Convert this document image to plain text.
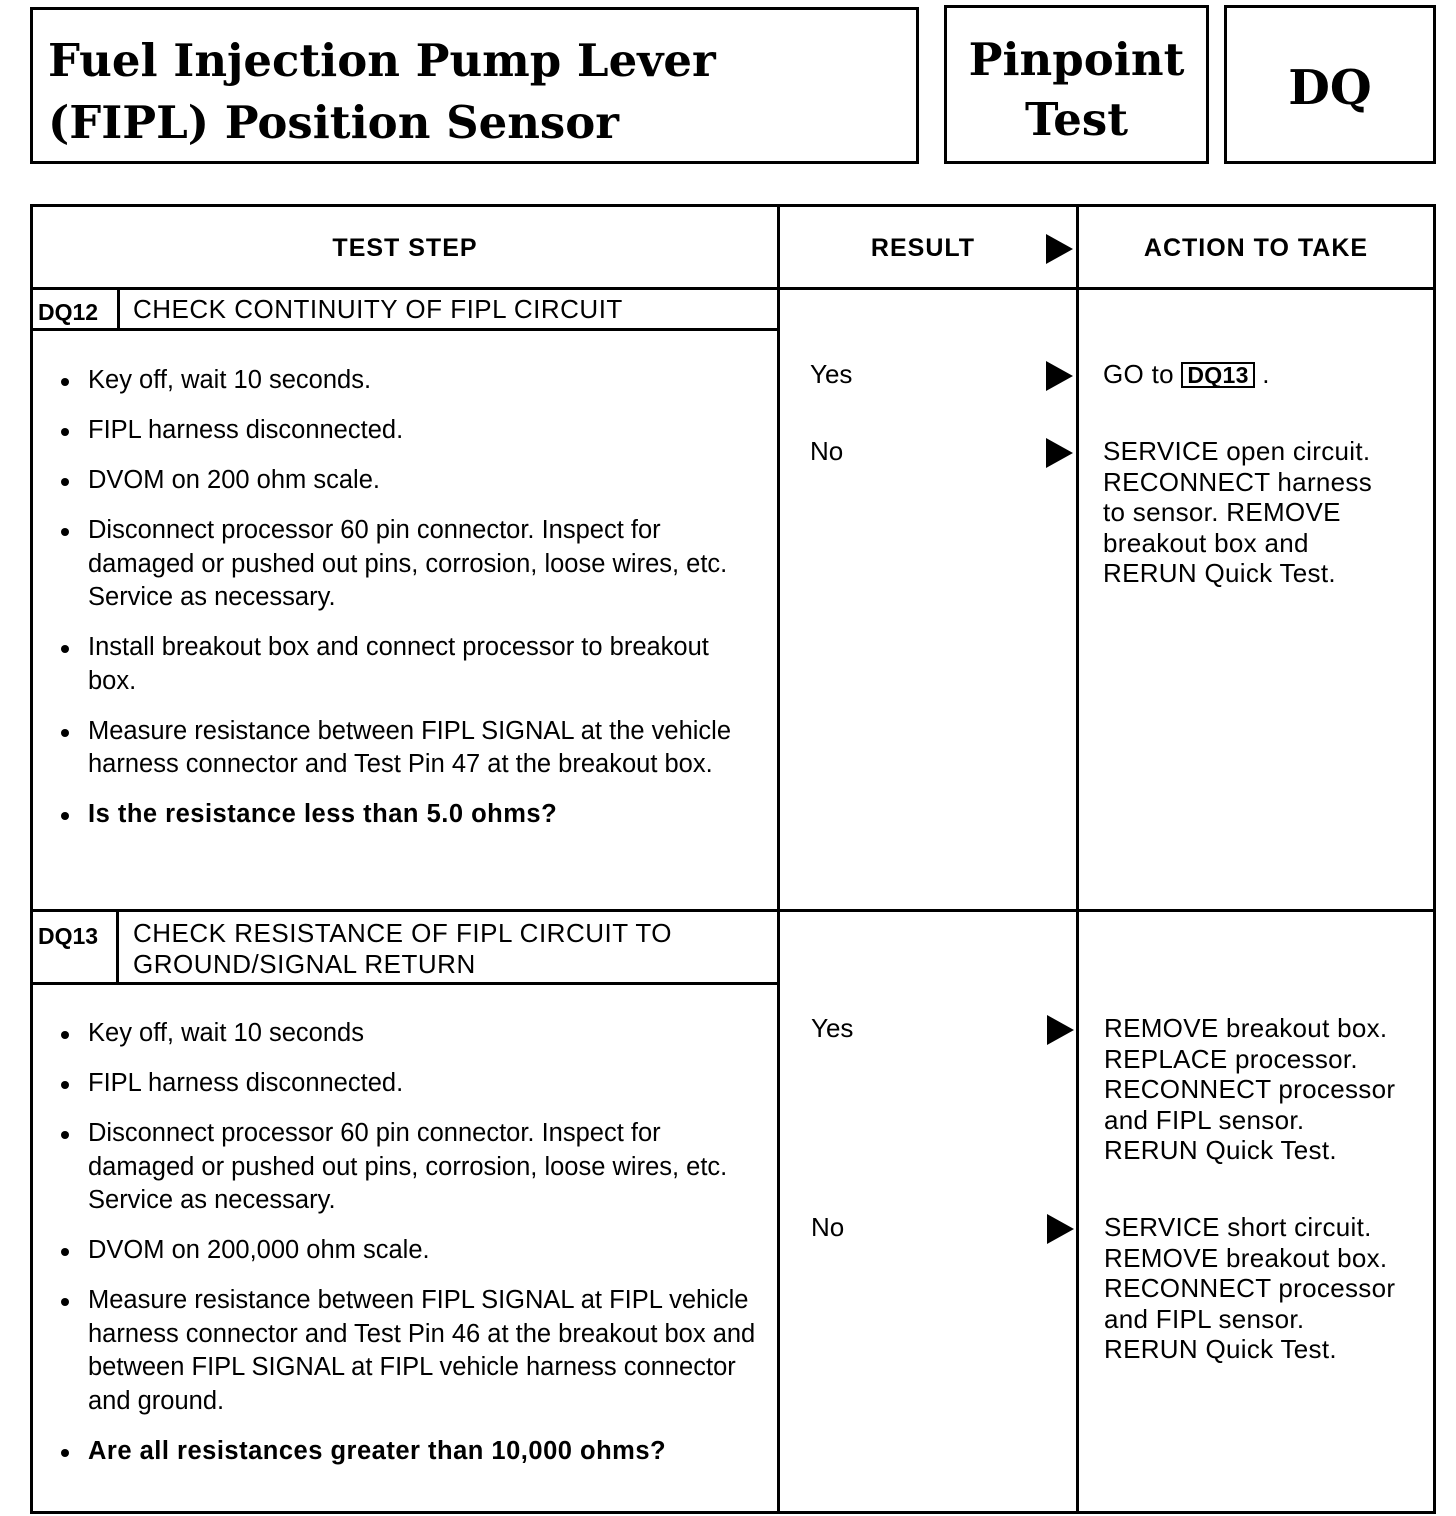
Fuel Injection Pump Lever
(FIPL) Position Sensor
Pinpoint
Test
DQ
TEST STEP	RESULT	ACTION TO TAKE
DQ12 CHECK CONTINUITY OF FIPL CIRCUIT
Key off, wait 10 seconds.
FIPL harness disconnected.
DVOM on 200 ohm scale.
Disconnect processor 60 pin connector. Inspect for damaged or pushed out pins, corrosion, loose wires, etc. Service as necessary.
Install breakout box and connect processor to breakout box.
Measure resistance between FIPL SIGNAL at the vehicle harness connector and Test Pin 47 at the breakout box.
Is the resistance less than 5.0 ohms?
Yes	GO to DQ13 .
No	SERVICE open circuit.
RECONNECT harness
to sensor. REMOVE
breakout box and
RERUN Quick Test.
DQ13 CHECK RESISTANCE OF FIPL CIRCUIT TO
GROUND/SIGNAL RETURN
Key off, wait 10 seconds
FIPL harness disconnected.
Disconnect processor 60 pin connector. Inspect for damaged or pushed out pins, corrosion, loose wires, etc. Service as necessary.
DVOM on 200,000 ohm scale.
Measure resistance between FIPL SIGNAL at FIPL vehicle harness connector and Test Pin 46 at the breakout box and between FIPL SIGNAL at FIPL vehicle harness connector and ground.
Are all resistances greater than 10,000 ohms?
Yes	REMOVE breakout box.
REPLACE processor.
RECONNECT processor
and FIPL sensor.
RERUN Quick Test.
No	SERVICE short circuit.
REMOVE breakout box.
RECONNECT processor
and FIPL sensor.
RERUN Quick Test.
